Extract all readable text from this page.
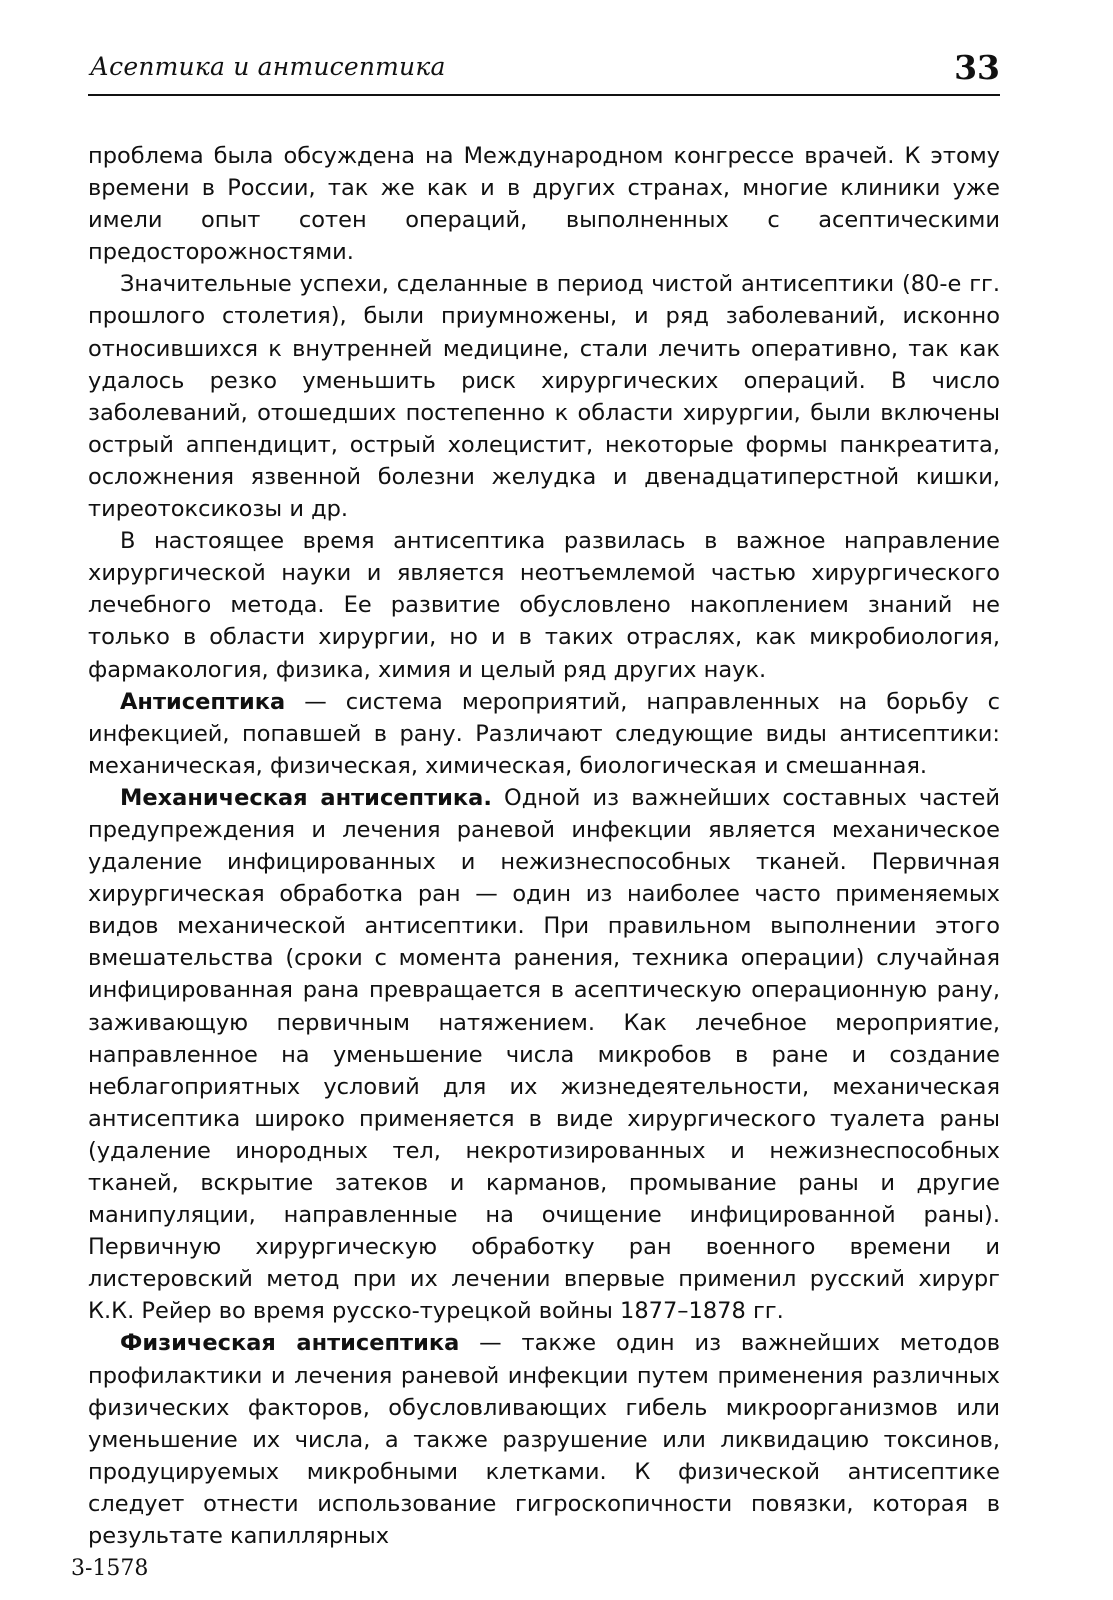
Асептика и антисептика	33

проблема была обсуждена на Международном конгрессе врачей. К этому времени в России, так же как и в других странах, многие клиники уже имели опыт сотен операций, выполненных с асептическими предосторожностями.

Значительные успехи, сделанные в период чистой антисептики (80-е гг. прошлого столетия), были приумножены, и ряд заболеваний, исконно относившихся к внутренней медицине, стали лечить оперативно, так как удалось резко уменьшить риск хирургических операций. В число заболеваний, отошедших постепенно к области хирургии, были включены острый аппендицит, острый холецистит, некоторые формы панкреатита, осложнения язвенной болезни желудка и двенадцатиперстной кишки, тиреотоксикозы и др.

В настоящее время антисептика развилась в важное направление хирургической науки и является неотъемлемой частью хирургического лечебного метода. Ее развитие обусловлено накоплением знаний не только в области хирургии, но и в таких отраслях, как микробиология, фармакология, физика, химия и целый ряд других наук.

Антисептика — система мероприятий, направленных на борьбу с инфекцией, попавшей в рану. Различают следующие виды антисептики: механическая, физическая, химическая, биологическая и смешанная.

Механическая антисептика. Одной из важнейших составных частей предупреждения и лечения раневой инфекции является механическое удаление инфицированных и нежизнеспособных тканей. Первичная хирургическая обработка ран — один из наиболее часто применяемых видов механической антисептики. При правильном выполнении этого вмешательства (сроки с момента ранения, техника операции) случайная инфицированная рана превращается в асептическую операционную рану, заживающую первичным натяжением. Как лечебное мероприятие, направленное на уменьшение числа микробов в ране и создание неблагоприятных условий для их жизнедеятельности, механическая антисептика широко применяется в виде хирургического туалета раны (удаление инородных тел, некротизированных и нежизнеспособных тканей, вскрытие затеков и карманов, промывание раны и другие манипуляции, направленные на очищение инфицированной раны). Первичную хирургическую обработку ран военного времени и листеровский метод при их лечении впервые применил русский хирург К.К. Рейер во время русско-турецкой войны 1877–1878 гг.

Физическая антисептика — также один из важнейших методов профилактики и лечения раневой инфекции путем применения различных физических факторов, обусловливающих гибель микроорганизмов или уменьшение их числа, а также разрушение или ликвидацию токсинов, продуцируемых микробными клетками. К физической антисептике следует отнести использование гигроскопичности повязки, которая в результате капиллярных

3-1578
